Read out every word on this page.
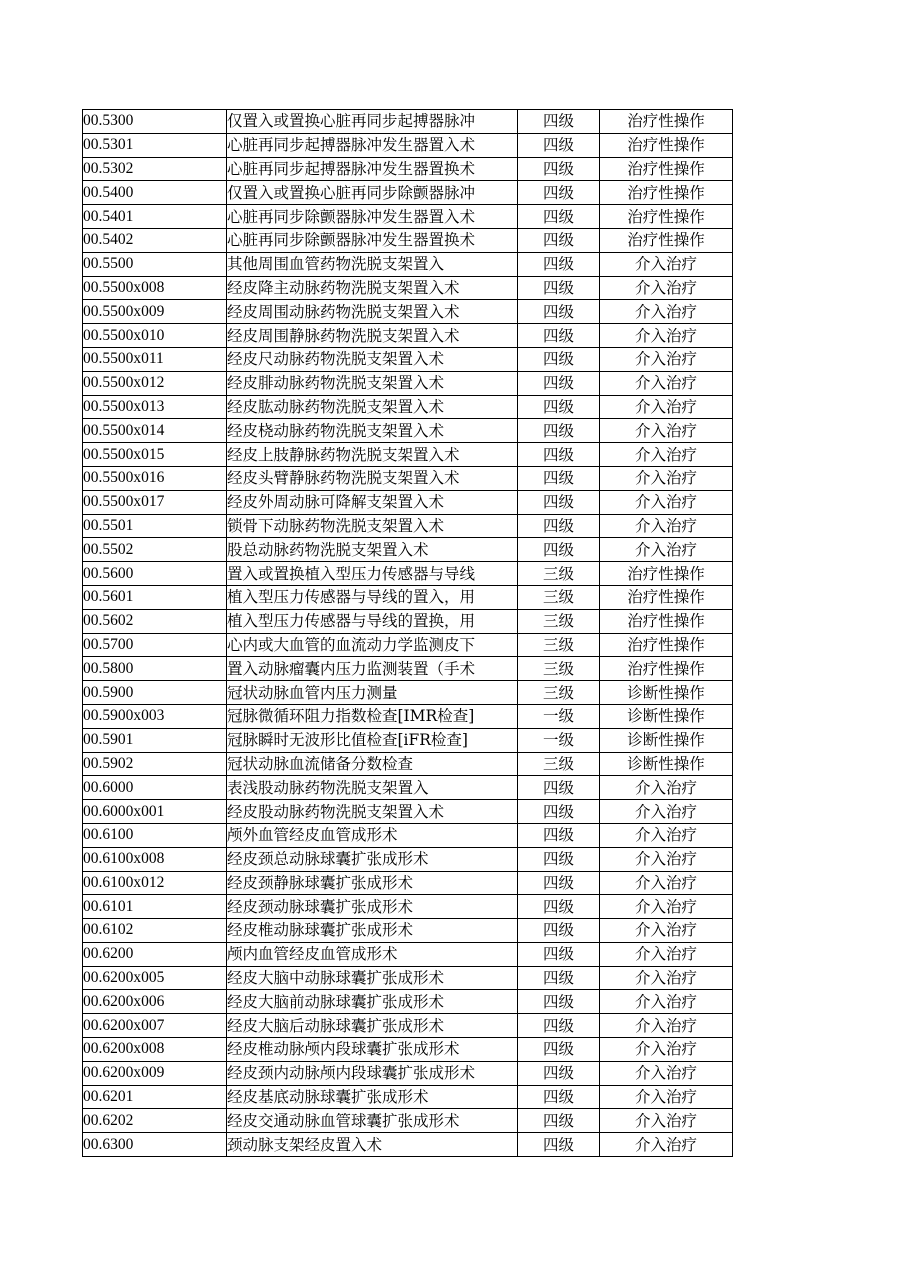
00.5300	仅置入或置换心脏再同步起搏器脉冲	四级	治疗性操作
00.5301	心脏再同步起搏器脉冲发生器置入术	四级	治疗性操作
00.5302	心脏再同步起搏器脉冲发生器置换术	四级	治疗性操作
00.5400	仅置入或置换心脏再同步除颤器脉冲	四级	治疗性操作
00.5401	心脏再同步除颤器脉冲发生器置入术	四级	治疗性操作
00.5402	心脏再同步除颤器脉冲发生器置换术	四级	治疗性操作
00.5500	其他周围血管药物洗脱支架置入	四级	介入治疗
00.5500x008	经皮降主动脉药物洗脱支架置入术	四级	介入治疗
00.5500x009	经皮周围动脉药物洗脱支架置入术	四级	介入治疗
00.5500x010	经皮周围静脉药物洗脱支架置入术	四级	介入治疗
00.5500x011	经皮尺动脉药物洗脱支架置入术	四级	介入治疗
00.5500x012	经皮腓动脉药物洗脱支架置入术	四级	介入治疗
00.5500x013	经皮肱动脉药物洗脱支架置入术	四级	介入治疗
00.5500x014	经皮桡动脉药物洗脱支架置入术	四级	介入治疗
00.5500x015	经皮上肢静脉药物洗脱支架置入术	四级	介入治疗
00.5500x016	经皮头臂静脉药物洗脱支架置入术	四级	介入治疗
00.5500x017	经皮外周动脉可降解支架置入术	四级	介入治疗
00.5501	锁骨下动脉药物洗脱支架置入术	四级	介入治疗
00.5502	股总动脉药物洗脱支架置入术	四级	介入治疗
00.5600	置入或置换植入型压力传感器与导线	三级	治疗性操作
00.5601	植入型压力传感器与导线的置入，用	三级	治疗性操作
00.5602	植入型压力传感器与导线的置换，用	三级	治疗性操作
00.5700	心内或大血管的血流动力学监测皮下	三级	治疗性操作
00.5800	置入动脉瘤囊内压力监测装置（手术	三级	治疗性操作
00.5900	冠状动脉血管内压力测量	三级	诊断性操作
00.5900x003	冠脉微循环阻力指数检查[IMR检查]	一级	诊断性操作
00.5901	冠脉瞬时无波形比值检查[iFR检查]	一级	诊断性操作
00.5902	冠状动脉血流储备分数检查	三级	诊断性操作
00.6000	表浅股动脉药物洗脱支架置入	四级	介入治疗
00.6000x001	经皮股动脉药物洗脱支架置入术	四级	介入治疗
00.6100	颅外血管经皮血管成形术	四级	介入治疗
00.6100x008	经皮颈总动脉球囊扩张成形术	四级	介入治疗
00.6100x012	经皮颈静脉球囊扩张成形术	四级	介入治疗
00.6101	经皮颈动脉球囊扩张成形术	四级	介入治疗
00.6102	经皮椎动脉球囊扩张成形术	四级	介入治疗
00.6200	颅内血管经皮血管成形术	四级	介入治疗
00.6200x005	经皮大脑中动脉球囊扩张成形术	四级	介入治疗
00.6200x006	经皮大脑前动脉球囊扩张成形术	四级	介入治疗
00.6200x007	经皮大脑后动脉球囊扩张成形术	四级	介入治疗
00.6200x008	经皮椎动脉颅内段球囊扩张成形术	四级	介入治疗
00.6200x009	经皮颈内动脉颅内段球囊扩张成形术	四级	介入治疗
00.6201	经皮基底动脉球囊扩张成形术	四级	介入治疗
00.6202	经皮交通动脉血管球囊扩张成形术	四级	介入治疗
00.6300	颈动脉支架经皮置入术	四级	介入治疗
